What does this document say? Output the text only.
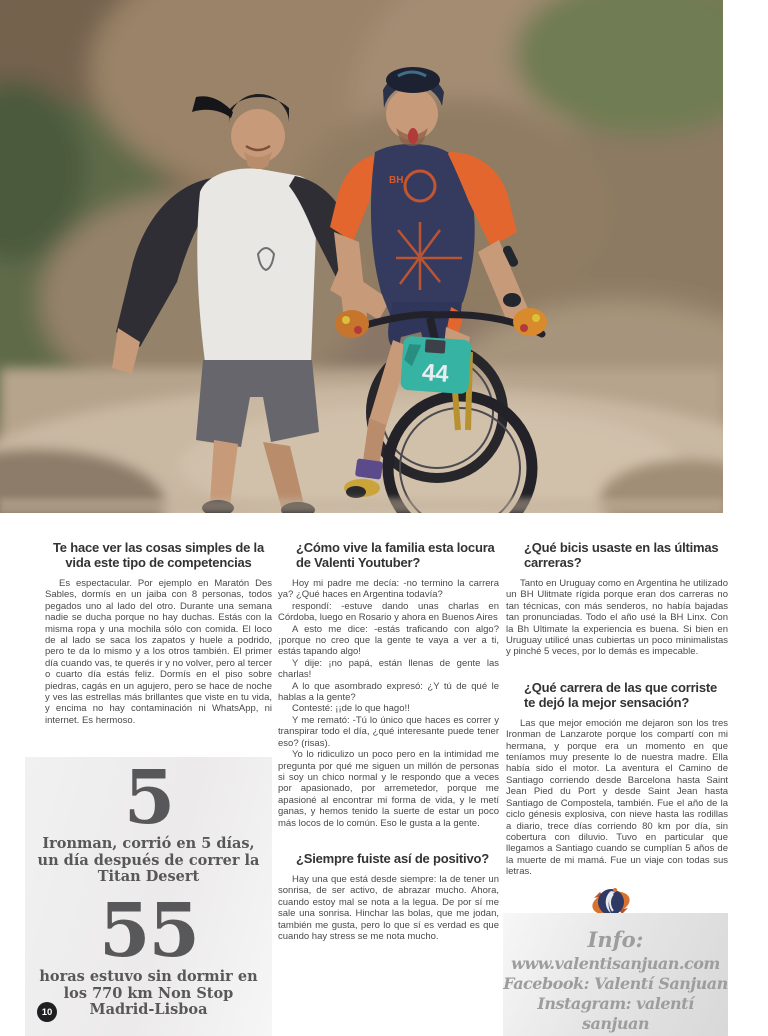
BH
44

Te hace ver las cosas simples de la vida este tipo de competencias

Es espectacular. Por ejemplo en Maratón Des Sables, dormís en un jaiba con 8 personas, todos pegados uno al lado del otro. Durante una semana nadie se ducha porque no hay duchas. Estás con la misma ropa y una mochila sólo con comida. El loco de al lado se saca los zapatos y huele a podrido, pero te da lo mismo y a los otros también. El primer día cuando vas, te querés ir y no volver, pero al tercer o cuarto día estás feliz. Dormís en el piso sobre piedras, cagás en un agujero, pero se hace de noche y ves las estrellas más brillantes que viste en tu vida, y encima no hay contaminación ni WhatsApp, ni internet. Es hermoso.

5

Ironman, corrió en 5 días, un día después de correr la Titan Desert

55

horas estuvo sin dormir en los 770 km Non Stop Madrid-Lisboa

¿Cómo vive la familia esta locura de Valenti Youtuber?

Hoy mi padre me decía: -no termino la carrera ya? ¿Qué haces en Argentina todavía?

respondí: -estuve dando unas charlas en Córdoba, luego en Rosario y ahora en Buenos Aires

A esto me dice: -estás traficando con algo? ¡porque no creo que la gente te vaya a ver a ti, estás tapando algo!

Y dije: ¡no papá, están llenas de gente las charlas!

A lo que asombrado expresó: ¿Y tú de qué le hablas a la gente?

Contesté: ¡¡de lo que hago!!

Y me remató: -Tú lo único que haces es correr y transpirar todo el día, ¿qué interesante puede tener eso? (risas).

Yo lo ridiculizo un poco pero en la intimidad me pregunta por qué me siguen un millón de personas si soy un chico normal y le respondo que a veces por apasionado, por arremetedor, porque me apasioné al encontrar mi forma de vida, y le metí ganas, y hemos tenido la suerte de estar un poco más locos de lo común. Eso le gusta a la gente.

¿Siempre fuiste así de positivo?

Hay una que está desde siempre: la de tener un sonrisa, de ser activo, de abrazar mucho. Ahora, cuando estoy mal se nota a la legua. De por sí me sale una sonrisa. Hinchar las bolas, que me jodan, también me gusta, pero lo que sí es verdad es que cuando hay stress se me nota mucho.

¿Qué bicis usaste en las últimas carreras?

Tanto en Uruguay como en Argentina he utilizado un BH Ulitmate rígida porque eran dos carreras no tan técnicas, con más senderos, no había bajadas tan pronunciadas. Todo el año usé la BH Linx. Con la Bh Ultimate la experiencia es buena. Si bien en Uruguay utilicé unas cubiertas un poco minimalistas y pinché 5 veces, por lo demás es impecable.

¿Qué carrera de las que corriste te dejó la mejor sensación?

Las que mejor emoción me dejaron son los tres Ironman de Lanzarote porque los compartí con mi hermana, y porque era un momento en que teníamos muy presente lo de nuestra madre. Ella había sido el motor. La aventura el Camino de Santiago corriendo desde Barcelona hasta Saint Jean Pied du Port y desde Saint Jean hasta Santiago de Compostela, también. Fue el año de la ciclo génesis explosiva, con nieve hasta las rodillas a diario, trece días corriendo 80 km por día, sin cobertura con diluvio. Tuvo en particular que llegamos a Santiago cuando se cumplían 5 años de la muerte de mi mamá. Fue un viaje con todas sus letras.

Info:
www.valentisanjuan.com
Facebook: Valentí Sanjuan
Instagram: valentí sanjuan
10
